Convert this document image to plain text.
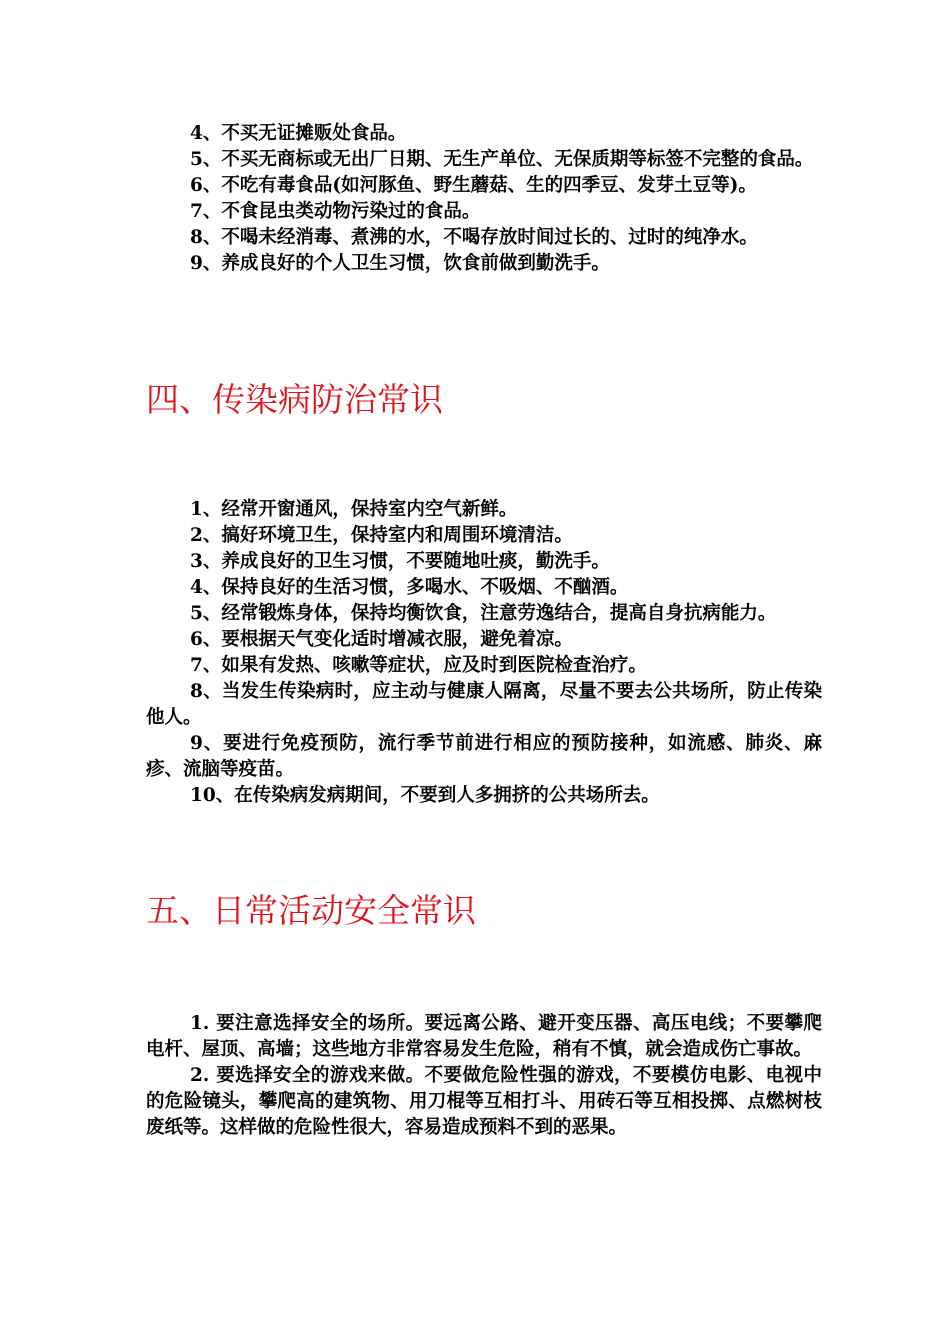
4、不买无证摊贩处食品。

5、不买无商标或无出厂日期、无生产单位、无保质期等标签不完整的食品。

6、不吃有毒食品(如河豚鱼、野生蘑菇、生的四季豆、发芽土豆等)。

7、不食昆虫类动物污染过的食品。

8、不喝未经消毒、煮沸的水，不喝存放时间过长的、过时的纯净水。

9、养成良好的个人卫生习惯，饮食前做到勤洗手。

四、传染病防治常识

1、经常开窗通风，保持室内空气新鲜。

2、搞好环境卫生，保持室内和周围环境清洁。

3、养成良好的卫生习惯，不要随地吐痰，勤洗手。

4、保持良好的生活习惯，多喝水、不吸烟、不酗酒。

5、经常锻炼身体，保持均衡饮食，注意劳逸结合，提高自身抗病能力。

6、要根据天气变化适时增减衣服，避免着凉。

7、如果有发热、咳嗽等症状，应及时到医院检查治疗。

8、当发生传染病时，应主动与健康人隔离，尽量不要去公共场所，防止传染他人。

9、要进行免疫预防，流行季节前进行相应的预防接种，如流感、肺炎、麻疹、流脑等疫苗。

10、在传染病发病期间，不要到人多拥挤的公共场所去。

五、日常活动安全常识

1. 要注意选择安全的场所。要远离公路、避开变压器、高压电线；不要攀爬电杆、屋顶、高墙；这些地方非常容易发生危险，稍有不慎，就会造成伤亡事故。

2. 要选择安全的游戏来做。不要做危险性强的游戏，不要模仿电影、电视中的危险镜头，攀爬高的建筑物、用刀棍等互相打斗、用砖石等互相投掷、点燃树枝废纸等。这样做的危险性很大，容易造成预料不到的恶果。
